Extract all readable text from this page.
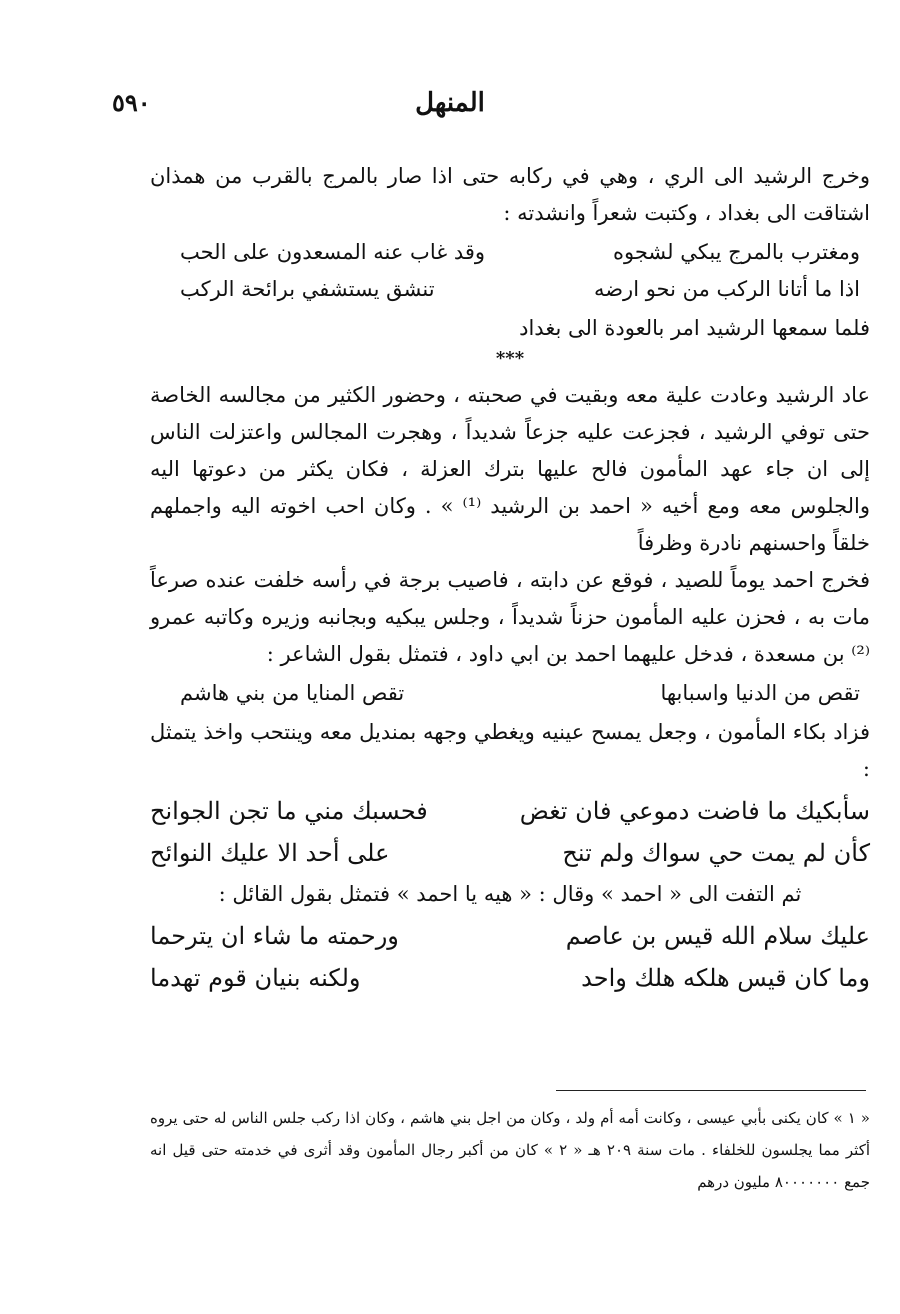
٥٩٠	المنهل

وخرج الرشيد الى الري ، وهي في ركابه حتى اذا صار بالمرج بالقرب من همذان اشتاقت الى بغداد ، وكتبت شعراً وانشدته :

ومغترب بالمرج يبكي لشجوه
وقد غاب عنه المسعدون على الحب
اذا ما أتانا الركب من نحو ارضه
تنشق يستشفي برائحة الركب

فلما سمعها الرشيد امر بالعودة الى بغداد

***

عاد الرشيد وعادت علية معه وبقيت في صحبته ، وحضور الكثير من مجالسه الخاصة حتى توفي الرشيد ، فجزعت عليه جزعاً شديداً ، وهجرت المجالس واعتزلت الناس إلى ان جاء عهد المأمون فالح عليها بترك العزلة ، فكان يكثر من دعوتها اليه والجلوس معه ومع أخيه « احمد بن الرشيد ⁽¹⁾ » . وكان احب اخوته اليه واجملهم خلقاً واحسنهم نادرة وظرفاً

فخرج احمد يوماً للصيد ، فوقع عن دابته ، فاصيب برجة في رأسه خلفت عنده صرعاً مات به ، فحزن عليه المأمون حزناً شديداً ، وجلس يبكيه وبجانبه وزيره وكاتبه عمرو ⁽²⁾ بن مسعدة ، فدخل عليهما احمد بن ابي داود ، فتمثل بقول الشاعر :

تقص من الدنيا واسبابها
تقص المنايا من بني هاشم

فزاد بكاء المأمون ، وجعل يمسح عينيه ويغطي وجهه بمنديل معه وينتحب واخذ يتمثل :

سأبكيك ما فاضت دموعي فان تغض
فحسبك مني ما تجن الجوانح
كأن لم يمت حي سواك ولم تنح
على أحد الا عليك النوائح

ثم التفت الى « احمد » وقال : « هيه يا احمد » فتمثل بقول القائل :

عليك سلام الله قيس بن عاصم
ورحمته ما شاء ان يترحما
وما كان قيس هلكه هلك واحد
ولكنه بنيان قوم تهدما
« ١ » كان يكنى بأبي عيسى ، وكانت أمه أم ولد ، وكان من اجل بني هاشم ، وكان اذا ركب جلس الناس له حتى يروه أكثر مما يجلسون للخلفاء . مات سنة ٢٠٩ هـ « ٢ » كان من أكبر رجال المأمون وقد أثرى في خدمته حتى قيل انه جمع ٨٠٠٠٠٠٠٠ مليون درهم
